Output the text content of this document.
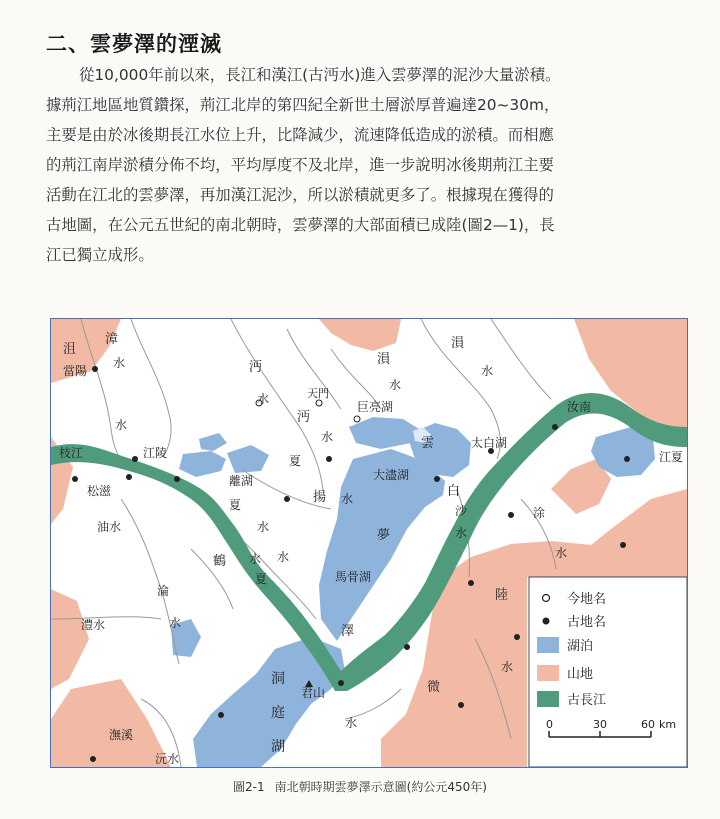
二、雲夢澤的湮滅
從10,000年前以來，長江和漢江(古沔水)進入雲夢澤的泥沙大量淤積。
據荊江地區地質鑽探，荊江北岸的第四紀全新世土層淤厚普遍達20~30m，
主要是由於冰後期長江水位上升，比降減少，流速降低造成的淤積。而相應
的荊江南岸淤積分佈不均，平均厚度不及北岸，進一步說明冰後期荊江主要
活動在江北的雲夢澤，再加漢江泥沙，所以淤積就更多了。根據現在獲得的
古地圖，在公元五世紀的南北朝時，雲夢澤的大部面積已成陸(圖2—1)，長
江已獨立成形。
沮
漳
水
當陽	沔
水
溳
水
溳
水
天門
巨亮湖
雲	太白湖
汝南
江夏
枝江	江陵
松滋
水	沔
水
離湖
夏
夏
揚 水
大濜湖
白
沙
水
涂
油水	水
夢
鶴 水 水
夏
淪
馬骨湖
水
陸
澧水	水
澤
水
洞
庭
湖
君山	微
水
潕溪
沅水
今地名
古地名
湖泊
山地
古長江
0	30	60 km
圖2-1 南北朝時期雲夢澤示意圖(約公元450年)
